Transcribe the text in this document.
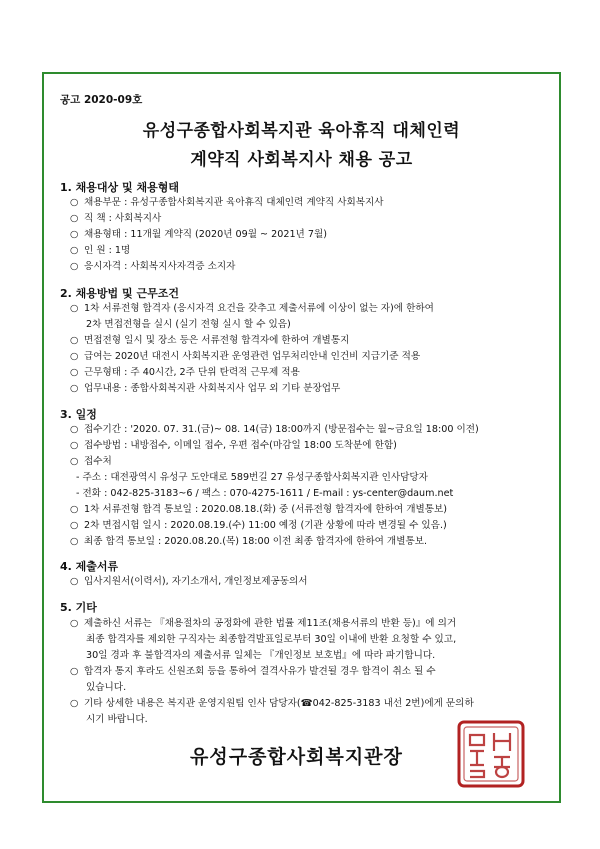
공고 2020-09호
유성구종합사회복지관 육아휴직 대체인력
계약직 사회복지사 채용 공고
1. 채용대상 및 채용형태
○ 채용부문 : 유성구종합사회복지관 육아휴직 대체인력 계약직 사회복지사
○ 직 책 : 사회복지사
○ 채용형태 : 11개월 계약직 (2020년 09월 ~ 2021년 7월)
○ 인 원 : 1명
○ 응시자격 : 사회복지사자격증 소지자
2. 채용방법 및 근무조건
○ 1차 서류전형 합격자 (응시자격 요건을 갖추고 제출서류에 이상이 없는 자)에 한하여
2차 면접전형을 실시 (실기 전형 실시 할 수 있음)
○ 면접전형 일시 및 장소 등은 서류전형 합격자에 한하여 개별통지
○ 급여는 2020년 대전시 사회복지관 운영관련 업무처리안내 인건비 지급기준 적용
○ 근무형태 : 주 40시간, 2주 단위 탄력적 근무제 적용
○ 업무내용 : 종합사회복지관 사회복지사 업무 외 기타 분장업무
3. 일정
○ 접수기간 : '2020. 07. 31.(금)~ 08. 14(금) 18:00까지 (방문접수는 월~금요일 18:00 이전)
○ 접수방법 : 내방접수, 이메일 접수, 우편 접수(마감일 18:00 도착분에 한함)
○ 접수처
- 주소 : 대전광역시 유성구 도안대로 589번길 27 유성구종합사회복지관 인사담당자
- 전화 : 042-825-3183~6 / 팩스 : 070-4275-1611 / E-mail : ys-center@daum.net
○ 1차 서류전형 합격 통보일 : 2020.08.18.(화) 중 (서류전형 합격자에 한하여 개별통보)
○ 2차 면접시험 일시 : 2020.08.19.(수) 11:00 예정 (기관 상황에 따라 변경될 수 있음.)
○ 최종 합격 통보일 : 2020.08.20.(목) 18:00 이전 최종 합격자에 한하여 개별통보.
4. 제출서류
○ 입사지원서(이력서), 자기소개서, 개인정보제공동의서
5. 기타
○ 제출하신 서류는 『채용절차의 공정화에 관한 법률 제11조(채용서류의 반환 등)』에 의거
최종 합격자를 제외한 구직자는 최종합격발표일로부터 30일 이내에 반환 요청할 수 있고,
30일 경과 후 불합격자의 제출서류 일체는 『개인정보 보호법』에 따라 파기합니다.
○ 합격자 통지 후라도 신원조회 등을 통하여 결격사유가 발견될 경우 합격이 취소 될 수
있습니다.
○ 기타 상세한 내용은 복지관 운영지원팀 인사 담당자(☎042-825-3183 내선 2번)에게 문의하
시기 바랍니다.
유성구종합사회복지관장
